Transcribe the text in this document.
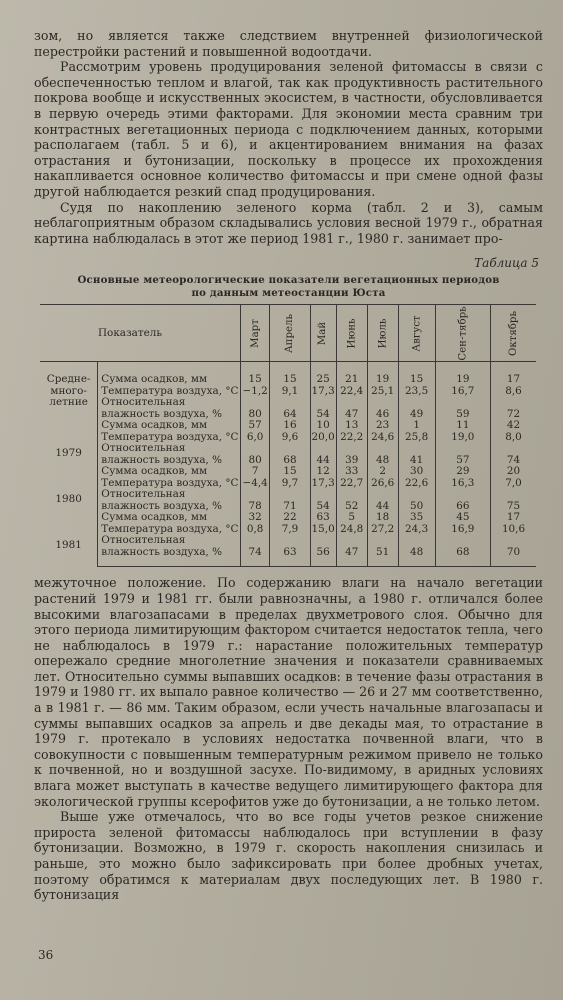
зом, но является также следствием внутренней физиологической перестройки растений и повышенной водоотдачи.

Рассмотрим уровень продуцирования зеленой фитомассы в связи с обеспеченностью теплом и влагой, так как продуктивность растительного покрова вообще и искусственных экосистем, в частности, обусловливается в первую очередь этими факторами. Для экономии места сравним три контрастных вегетационных периода с подключением данных, которыми располагаем (табл. 5 и 6), и акцентированием внимания на фазах отрастания и бутонизации, поскольку в процессе их прохождения накапливается основное количество фитомассы и при смене одной фазы другой наблюдается резкий спад продуцирования.

Судя по накоплению зеленого корма (табл. 2 и 3), самым неблагоприятным образом складывались условия весной 1979 г., обратная картина наблюдалась в этот же период 1981 г., 1980 г. занимает про-

Таблица 5
Основные метеорологические показатели вегетационных периодов
по данным метеостанции Юста
Показатель		Март	Апрель	Май	Июнь	Июль	Август	Сен-тябрь	Октябрь
Средне-
много-
летние	Сумма осадков, мм	15	15	25	21	19	15	19	17
	Температура воздуха, °С	−1,2	9,1	17,3	22,4	25,1	23,5	16,7	8,6
	Относительная влажность воздуха, %	80	64	54	47	46	49	59	72
1979	Сумма осадков, мм	57	16	10	13	23	1	11	42
	Температура воздуха, °С	6,0	9,6	20,0	22,2	24,6	25,8	19,0	8,0
	Относительная влажность воздуха, %	80	68	44	39	48	41	57	74
1980	Сумма осадков, мм	7	15	12	33	2	30	29	20
	Температура воздуха, °С	−4,4	9,7	17,3	22,7	26,6	22,6	16,3	7,0
	Относительная влажность воздуха, %	78	71	54	52	44	50	66	75
1981	Сумма осадков, мм	32	22	63	5	18	35	45	17
	Температура воздуха, °С	0,8	7,9	15,0	24,8	27,2	24,3	16,9	10,6
	Относительная влажность воздуха, %	74	63	56	47	51	48	68	70

межуточное положение. По содержанию влаги на начало вегетации растений 1979 и 1981 гг. были равнозначны, а 1980 г. отличался более высокими влагозапасами в пределах двухметрового слоя. Обычно для этого периода лимитирующим фактором считается недостаток тепла, чего не наблюдалось в 1979 г.: нарастание положительных температур опережало средние многолетние значения и показатели сравниваемых лет. Относительно суммы выпавших осадков: в течение фазы отрастания в 1979 и 1980 гг. их выпало равное количество — 26 и 27 мм соответственно, а в 1981 г. — 86 мм. Таким образом, если учесть начальные влагозапасы и суммы выпавших осадков за апрель и две декады мая, то отрастание в 1979 г. протекало в условиях недостатка почвенной влаги, что в совокупности с повышенным температурным режимом привело не только к почвенной, но и воздушной засухе. По-видимому, в аридных условиях влага может выступать в качестве ведущего лимитирующего фактора для экологической группы ксерофитов уже до бутонизации, а не только летом.

Выше уже отмечалось, что во все годы учетов резкое снижение прироста зеленой фитомассы наблюдалось при вступлении в фазу бутонизации. Возможно, в 1979 г. скорость накопления снизилась и раньше, это можно было зафиксировать при более дробных учетах, поэтому обратимся к материалам двух последующих лет. В 1980 г. бутонизация

36
